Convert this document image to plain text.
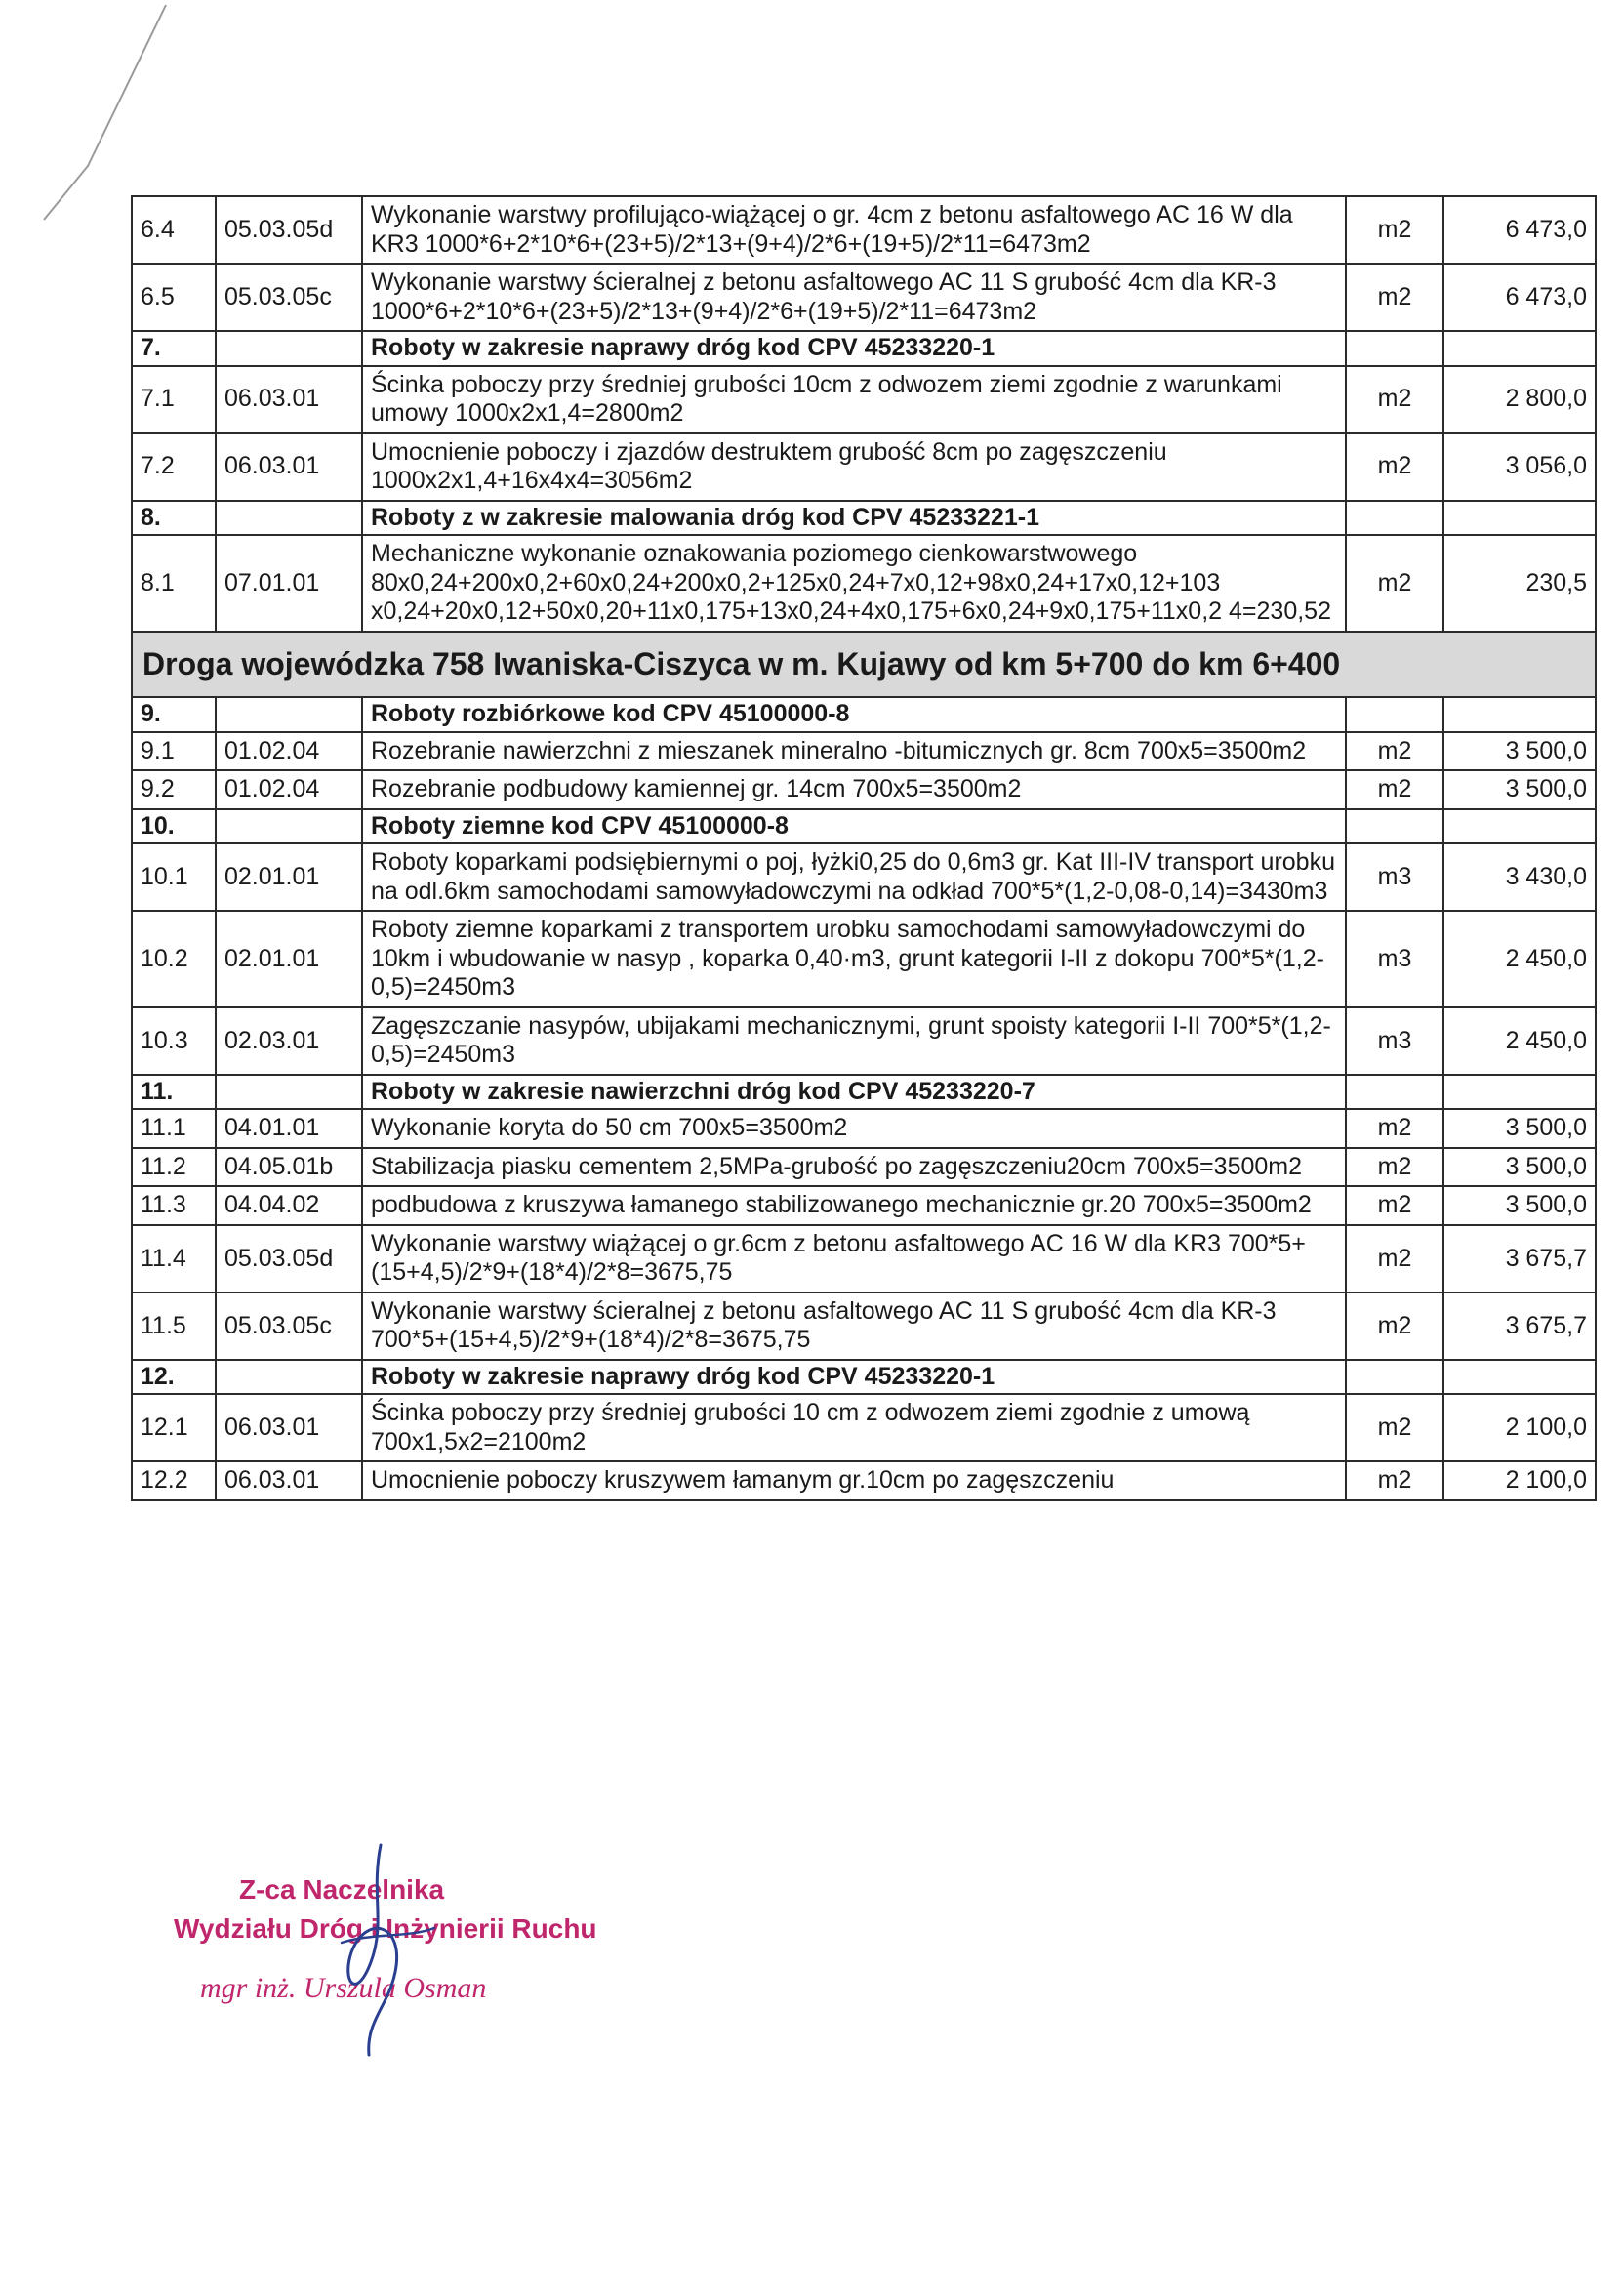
6.4	05.03.05d	Wykonanie warstwy profilująco-wiążącej o gr. 4cm z betonu asfaltowego AC 16 W dla KR3 1000*6+2*10*6+(23+5)/2*13+(9+4)/2*6+(19+5)/2*11=6473m2	m2	6 473,0
6.5	05.03.05c	Wykonanie warstwy ścieralnej z betonu asfaltowego AC 11 S grubość 4cm dla KR-3 1000*6+2*10*6+(23+5)/2*13+(9+4)/2*6+(19+5)/2*11=6473m2	m2	6 473,0
7.		Roboty w zakresie naprawy dróg kod CPV 45233220-1		
7.1	06.03.01	Ścinka poboczy przy średniej grubości 10cm z odwozem ziemi zgodnie z warunkami umowy 1000x2x1,4=2800m2	m2	2 800,0
7.2	06.03.01	Umocnienie poboczy i zjazdów destruktem grubość 8cm po zagęszczeniu 1000x2x1,4+16x4x4=3056m2	m2	3 056,0
8.		Roboty z w zakresie malowania dróg kod CPV 45233221-1		
8.1	07.01.01	Mechaniczne wykonanie oznakowania poziomego cienkowarstwowego 80x0,24+200x0,2+60x0,24+200x0,2+125x0,24+7x0,12+98x0,24+17x0,12+103 x0,24+20x0,12+50x0,20+11x0,175+13x0,24+4x0,175+6x0,24+9x0,175+11x0,2 4=230,52	m2	230,5
Droga wojewódzka 758 Iwaniska-Ciszyca w m. Kujawy od km 5+700 do km 6+400				
9.		Roboty rozbiórkowe kod CPV 45100000-8		
9.1	01.02.04	Rozebranie nawierzchni z mieszanek mineralno -bitumicznych gr. 8cm 700x5=3500m2	m2	3 500,0
9.2	01.02.04	Rozebranie podbudowy kamiennej gr. 14cm 700x5=3500m2	m2	3 500,0
10.		Roboty ziemne kod CPV 45100000-8		
10.1	02.01.01	Roboty koparkami podsiębiernymi o poj, łyżki0,25 do 0,6m3 gr. Kat III-IV transport urobku na odl.6km samochodami samowyładowczymi na odkład 700*5*(1,2-0,08-0,14)=3430m3	m3	3 430,0
10.2	02.01.01	Roboty ziemne koparkami z transportem urobku samochodami samowyładowczymi do 10km i wbudowanie w nasyp , koparka 0,40·m3, grunt kategorii I-II z dokopu 700*5*(1,2-0,5)=2450m3	m3	2 450,0
10.3	02.03.01	Zagęszczanie nasypów, ubijakami mechanicznymi, grunt spoisty kategorii I-II 700*5*(1,2-0,5)=2450m3	m3	2 450,0
11.		Roboty w zakresie nawierzchni dróg kod CPV 45233220-7		
11.1	04.01.01	Wykonanie koryta do 50 cm 700x5=3500m2	m2	3 500,0
11.2	04.05.01b	Stabilizacja piasku cementem 2,5MPa-grubość po zagęszczeniu20cm 700x5=3500m2	m2	3 500,0
11.3	04.04.02	podbudowa z kruszywa łamanego stabilizowanego mechanicznie gr.20 700x5=3500m2	m2	3 500,0
11.4	05.03.05d	Wykonanie warstwy wiążącej o gr.6cm z betonu asfaltowego AC 16 W dla KR3 700*5+(15+4,5)/2*9+(18*4)/2*8=3675,75	m2	3 675,7
11.5	05.03.05c	Wykonanie warstwy ścieralnej z betonu asfaltowego AC 11 S grubość 4cm dla KR-3 700*5+(15+4,5)/2*9+(18*4)/2*8=3675,75	m2	3 675,7
12.		Roboty w zakresie naprawy dróg kod CPV 45233220-1		
12.1	06.03.01	Ścinka poboczy przy średniej grubości 10 cm z odwozem ziemi zgodnie z umową 700x1,5x2=2100m2	m2	2 100,0
12.2	06.03.01	Umocnienie poboczy kruszywem łamanym gr.10cm po zagęszczeniu	m2	2 100,0
Z-ca Naczelnika
Wydziału Dróg i Inżynierii Ruchu
mgr inż. Urszula Osman
